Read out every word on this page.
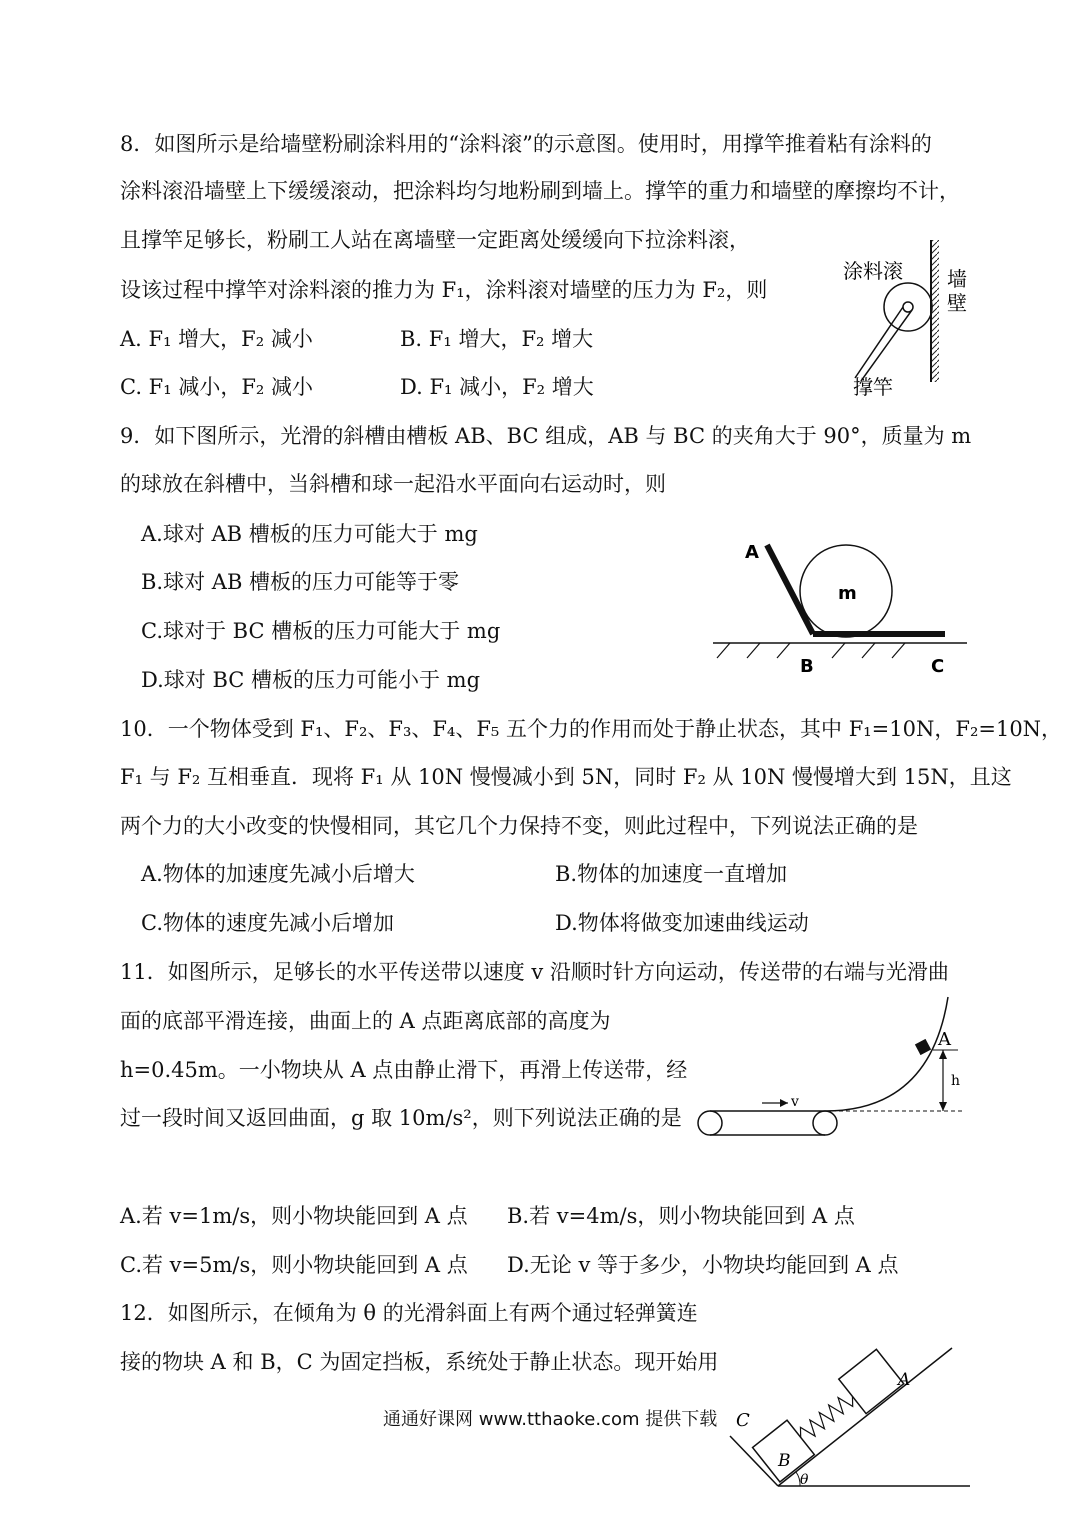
8．如图所示是给墙壁粉刷涂料用的“涂料滚”的示意图。使用时，用撑竿推着粘有涂料的
涂料滚沿墙壁上下缓缓滚动，把涂料均匀地粉刷到墙上。撑竿的重力和墙壁的摩擦均不计，
且撑竿足够长，粉刷工人站在离墙壁一定距离处缓缓向下拉涂料滚，
设该过程中撑竿对涂料滚的推力为 F₁，涂料滚对墙壁的压力为 F₂，则
A. F₁ 增大，F₂ 减小	B. F₁ 增大，F₂ 增大
C. F₁ 减小，F₂ 减小	D. F₁ 减小，F₂ 增大
涂料滚 墙
壁
撑竿
9．如下图所示，光滑的斜槽由槽板 AB、BC 组成，AB 与 BC 的夹角大于 90°，质量为 m
的球放在斜槽中，当斜槽和球一起沿水平面向右运动时，则
A.球对 AB 槽板的压力可能大于 mg
B.球对 AB 槽板的压力可能等于零
C.球对于 BC 槽板的压力可能大于 mg
D.球对 BC 槽板的压力可能小于 mg
A
B	C
m
10．一个物体受到 F₁、F₂、F₃、F₄、F₅ 五个力的作用而处于静止状态，其中 F₁=10N，F₂=10N，
F₁ 与 F₂ 互相垂直．现将 F₁ 从 10N 慢慢减小到 5N，同时 F₂ 从 10N 慢慢增大到 15N，且这
两个力的大小改变的快慢相同，其它几个力保持不变，则此过程中，下列说法正确的是
A.物体的加速度先减小后增大	B.物体的加速度一直增加
C.物体的速度先减小后增加	D.物体将做变加速曲线运动
11．如图所示，足够长的水平传送带以速度 v 沿顺时针方向运动，传送带的右端与光滑曲
面的底部平滑连接，曲面上的 A 点距离底部的高度为
h=0.45m。一小物块从 A 点由静止滑下，再滑上传送带，经
过一段时间又返回曲面，g 取 10m/s²，则下列说法正确的是
A
h
v
A.若 v=1m/s，则小物块能回到 A 点 B.若 v=4m/s，则小物块能回到 A 点
C.若 v=5m/s，则小物块能回到 A 点 D.无论 v 等于多少，小物块均能回到 A 点
12．如图所示，在倾角为 θ 的光滑斜面上有两个通过轻弹簧连
接的物块 A 和 B，C 为固定挡板，系统处于静止状态。现开始用
C
B
A
θ
通通好课网 www.tthaoke.com 提供下载
